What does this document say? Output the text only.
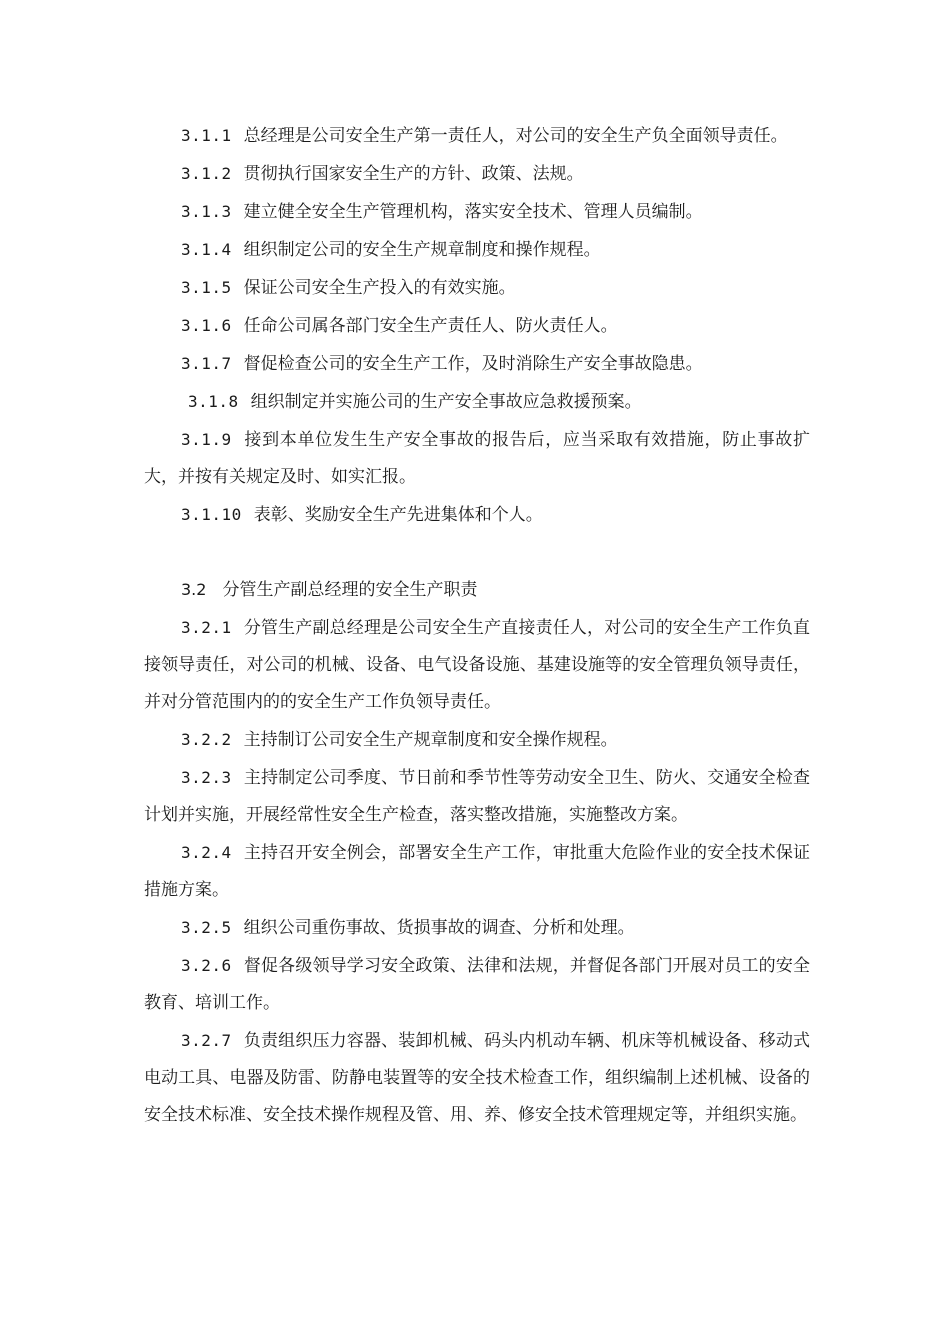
3.1.1 总经理是公司安全生产第一责任人，对公司的安全生产负全面领导责任。

3.1.2 贯彻执行国家安全生产的方针、政策、法规。

3.1.3 建立健全安全生产管理机构，落实安全技术、管理人员编制。

3.1.4 组织制定公司的安全生产规章制度和操作规程。

3.1.5 保证公司安全生产投入的有效实施。

3.1.6 任命公司属各部门安全生产责任人、防火责任人。

3.1.7 督促检查公司的安全生产工作，及时消除生产安全事故隐患。

3.1.8 组织制定并实施公司的生产安全事故应急救援预案。

3.1.9 接到本单位发生生产安全事故的报告后，应当采取有效措施，防止事故扩大，并按有关规定及时、如实汇报。

3.1.10 表彰、奖励安全生产先进集体和个人。

3.2 分管生产副总经理的安全生产职责

3.2.1 分管生产副总经理是公司安全生产直接责任人，对公司的安全生产工作负直接领导责任，对公司的机械、设备、电气设备设施、基建设施等的安全管理负领导责任，并对分管范围内的的安全生产工作负领导责任。

3.2.2 主持制订公司安全生产规章制度和安全操作规程。

3.2.3 主持制定公司季度、节日前和季节性等劳动安全卫生、防火、交通安全检查计划并实施，开展经常性安全生产检查，落实整改措施，实施整改方案。

3.2.4 主持召开安全例会，部署安全生产工作，审批重大危险作业的安全技术保证措施方案。

3.2.5 组织公司重伤事故、货损事故的调查、分析和处理。

3.2.6 督促各级领导学习安全政策、法律和法规，并督促各部门开展对员工的安全教育、培训工作。

3.2.7 负责组织压力容器、装卸机械、码头内机动车辆、机床等机械设备、移动式电动工具、电器及防雷、防静电装置等的安全技术检查工作，组织编制上述机械、设备的安全技术标准、安全技术操作规程及管、用、养、修安全技术管理规定等，并组织实施。
